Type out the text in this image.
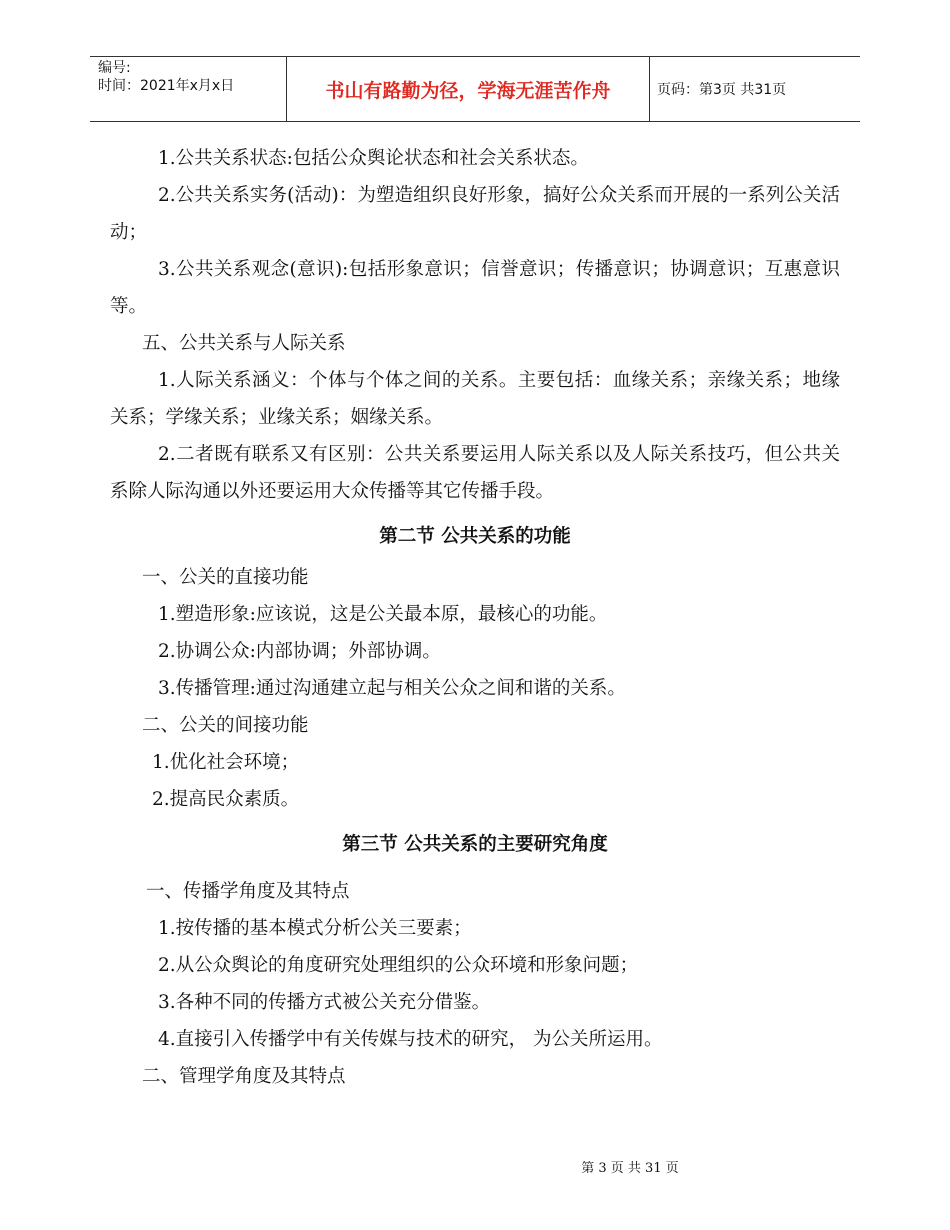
编号:
时间：2021年x月x日	书山有路勤为径，学海无涯苦作舟	页码：第3页 共31页

1.公共关系状态:包括公众舆论状态和社会关系状态。

2.公共关系实务(活动)：为塑造组织良好形象，搞好公众关系而开展的一系列公关活动；

3.公共关系观念(意识):包括形象意识；信誉意识；传播意识；协调意识；互惠意识等。

五、公共关系与人际关系

1.人际关系涵义：个体与个体之间的关系。主要包括：血缘关系；亲缘关系；地缘关系；学缘关系；业缘关系；姻缘关系。

2.二者既有联系又有区别：公共关系要运用人际关系以及人际关系技巧，但公共关系除人际沟通以外还要运用大众传播等其它传播手段。

第二节 公共关系的功能

一、公关的直接功能

1.塑造形象:应该说，这是公关最本原，最核心的功能。

2.协调公众:内部协调；外部协调。

3.传播管理:通过沟通建立起与相关公众之间和谐的关系。

二、公关的间接功能

1.优化社会环境；

2.提高民众素质。

第三节 公共关系的主要研究角度

一、传播学角度及其特点

1.按传播的基本模式分析公关三要素；

2.从公众舆论的角度研究处理组织的公众环境和形象问题；

3.各种不同的传播方式被公关充分借鉴。

4.直接引入传播学中有关传媒与技术的研究， 为公关所运用。

二、管理学角度及其特点

第 3 页 共 31 页
